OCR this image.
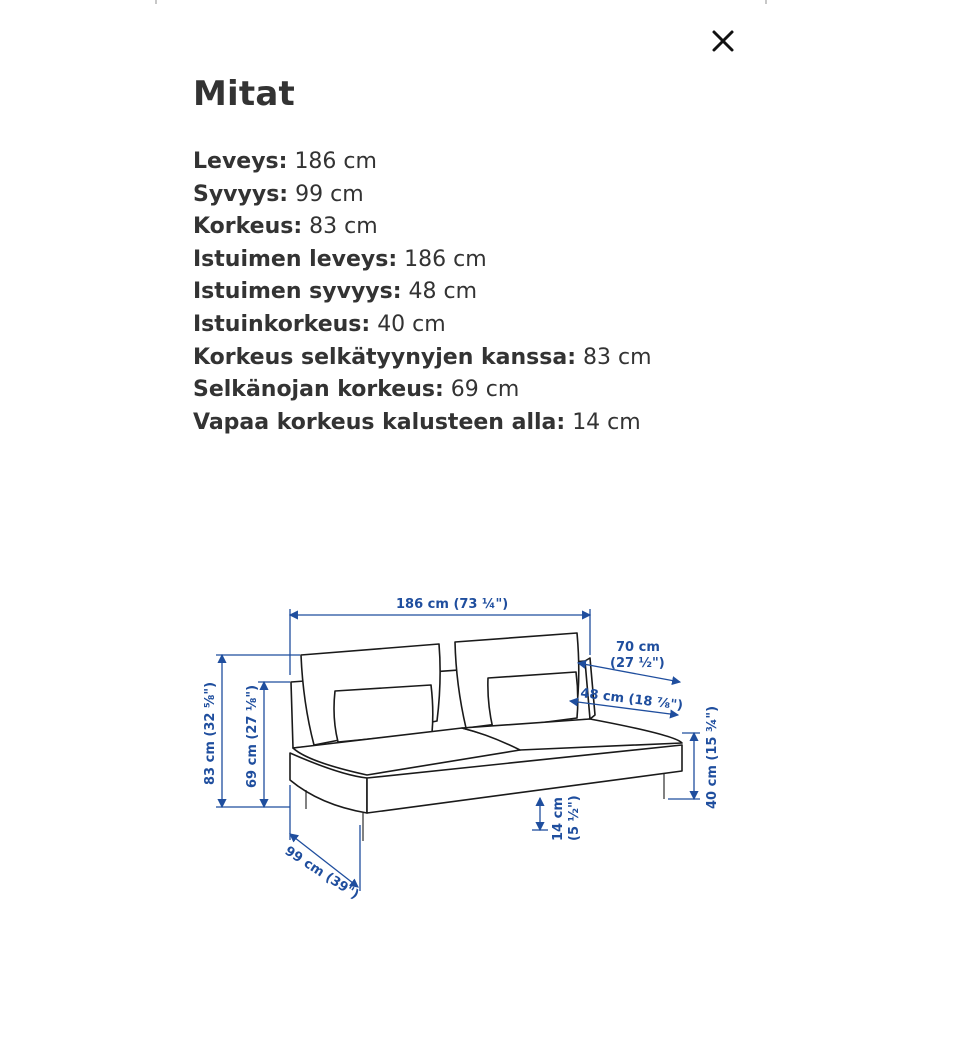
Mitat
Leveys: 186 cm
Syvyys: 99 cm
Korkeus: 83 cm
Istuimen leveys: 186 cm
Istuimen syvyys: 48 cm
Istuinkorkeus: 40 cm
Korkeus selkätyynyjen kanssa: 83 cm
Selkänojan korkeus: 69 cm
Vapaa korkeus kalusteen alla: 14 cm
186 cm (73 ¼")
70 cm
(27 ½")
48 cm (18 ⅞")
83 cm (32 ⅝") 69 cm (27 ⅛")	40 cm (15 ¾")
14 cm (5 ½")
99 cm (39")
